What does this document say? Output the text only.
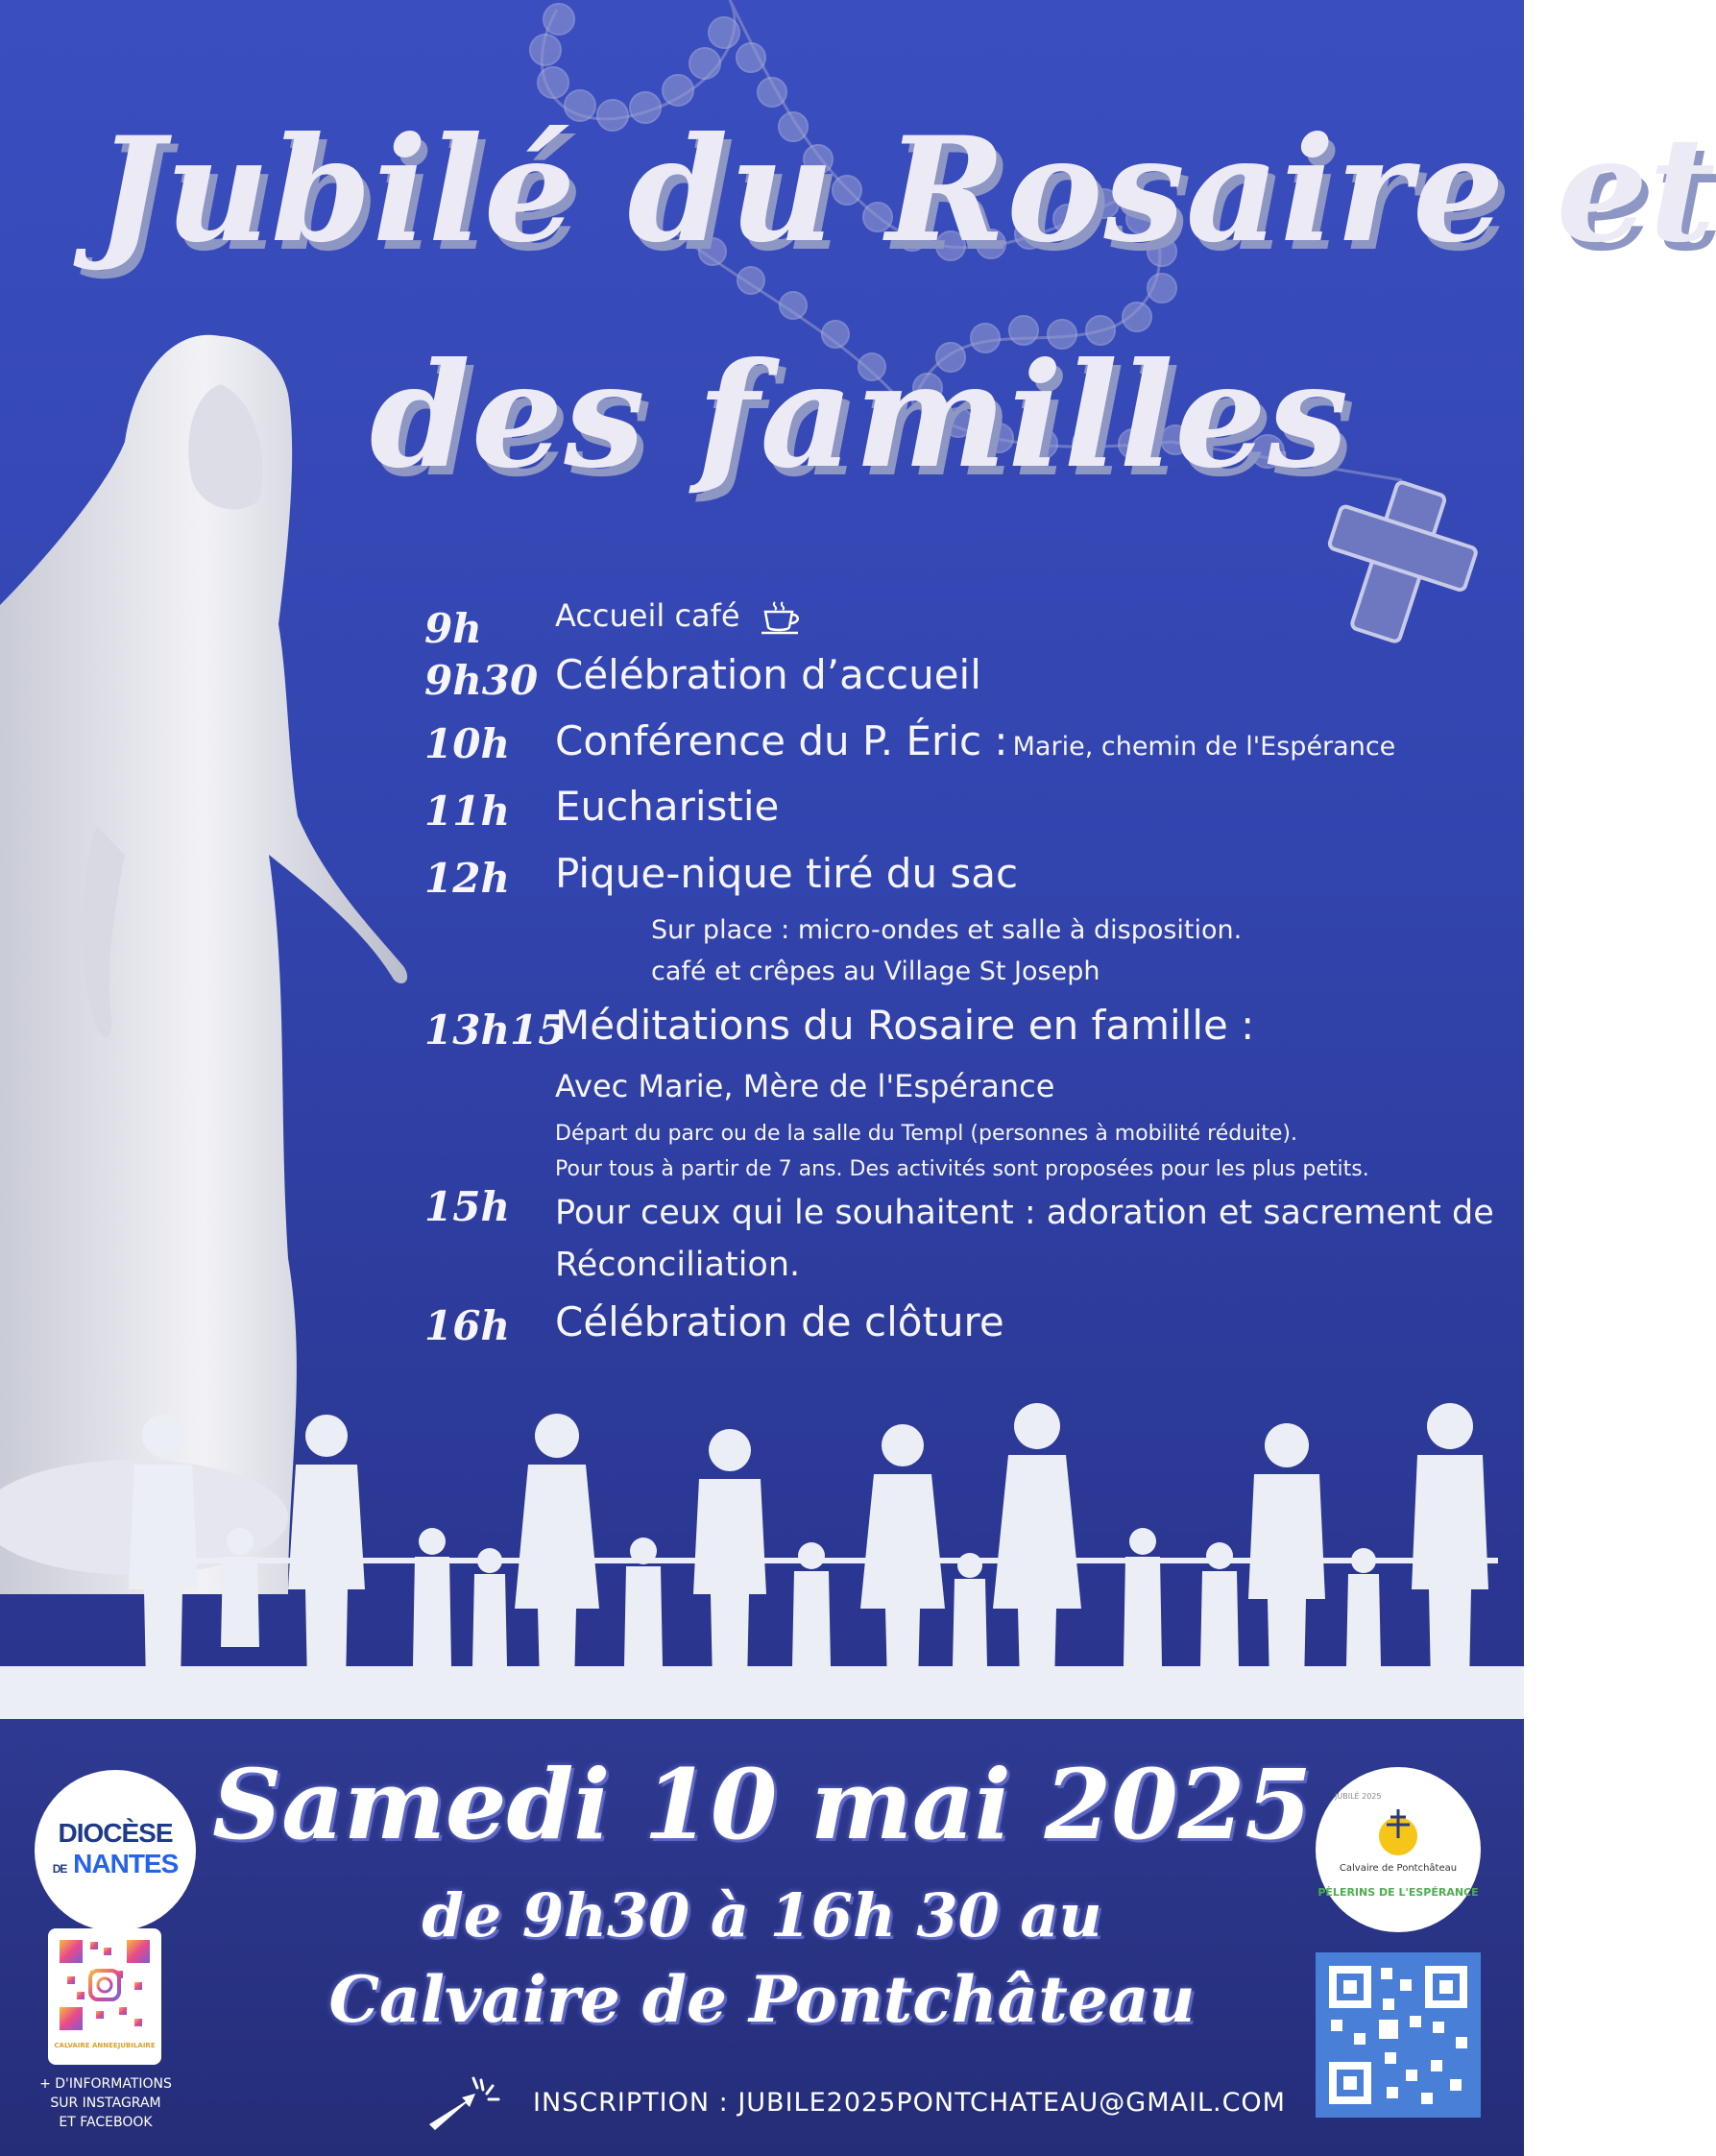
Jubilé du Rosaire et
des familles
9h Accueil café
9h30 Célébration d’accueil
10h Conférence du P. Éric : Marie, chemin de l'Espérance
11h Eucharistie
12h Pique-nique tiré du sac
Sur place : micro-ondes et salle à disposition.
café et crêpes au Village St Joseph
13h15
Méditations du Rosaire en famille :
Avec Marie, Mère de l'Espérance
Départ du parc ou de la salle du Templ (personnes à mobilité réduite).
Pour tous à partir de 7 ans. Des activités sont proposées pour les plus petits.
15h Pour ceux qui le souhaitent : adoration et sacrement de
Réconciliation.
16h Célébration de clôture
Samedi 10 mai 2025
de 9h30 à 16h 30 au
Calvaire de Pontchâteau
DIOCÈSE
DE NANTES
CALVAIRE ANNEEJUBILAIRE
+ D'INFORMATIONS
SUR INSTAGRAM
ET FACEBOOK
JUBILÉ 2025
Calvaire de Pontchâteau
PÈLERINS DE L'ESPÉRANCE
INSCRIPTION : JUBILE2025PONTCHATEAU@GMAIL.COM
